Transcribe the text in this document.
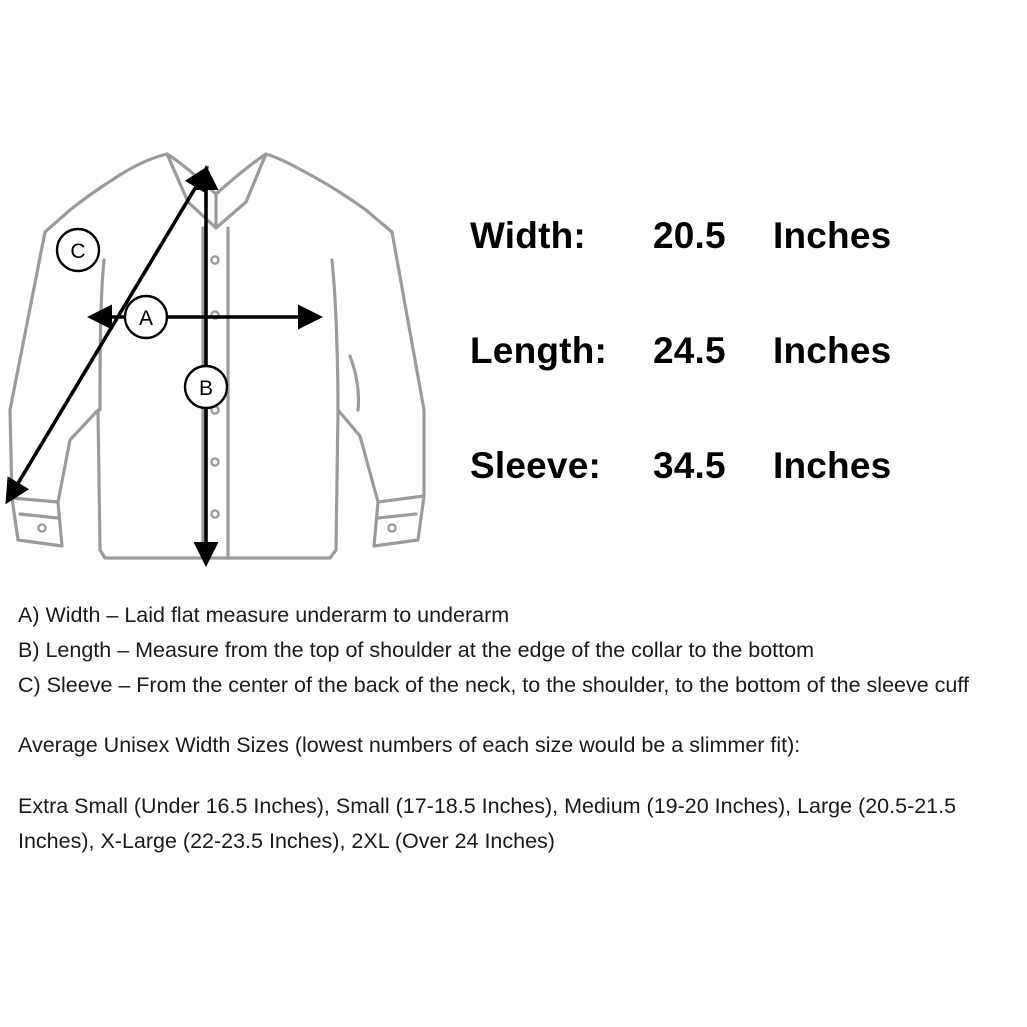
C
A
B
Width:	20.5	Inches
Length:	24.5	Inches
Sleeve:	34.5	Inches

A) Width – Laid flat measure underarm to underarm

B) Length – Measure from the top of shoulder at the edge of the collar to the bottom

C) Sleeve – From the center of the back of the neck, to the shoulder, to the bottom of the sleeve cuff

Average Unisex Width Sizes (lowest numbers of each size would be a slimmer fit):

Extra Small (Under 16.5 Inches), Small (17-18.5 Inches), Medium (19-20 Inches), Large (20.5-21.5 Inches), X-Large (22-23.5 Inches), 2XL (Over 24 Inches)
